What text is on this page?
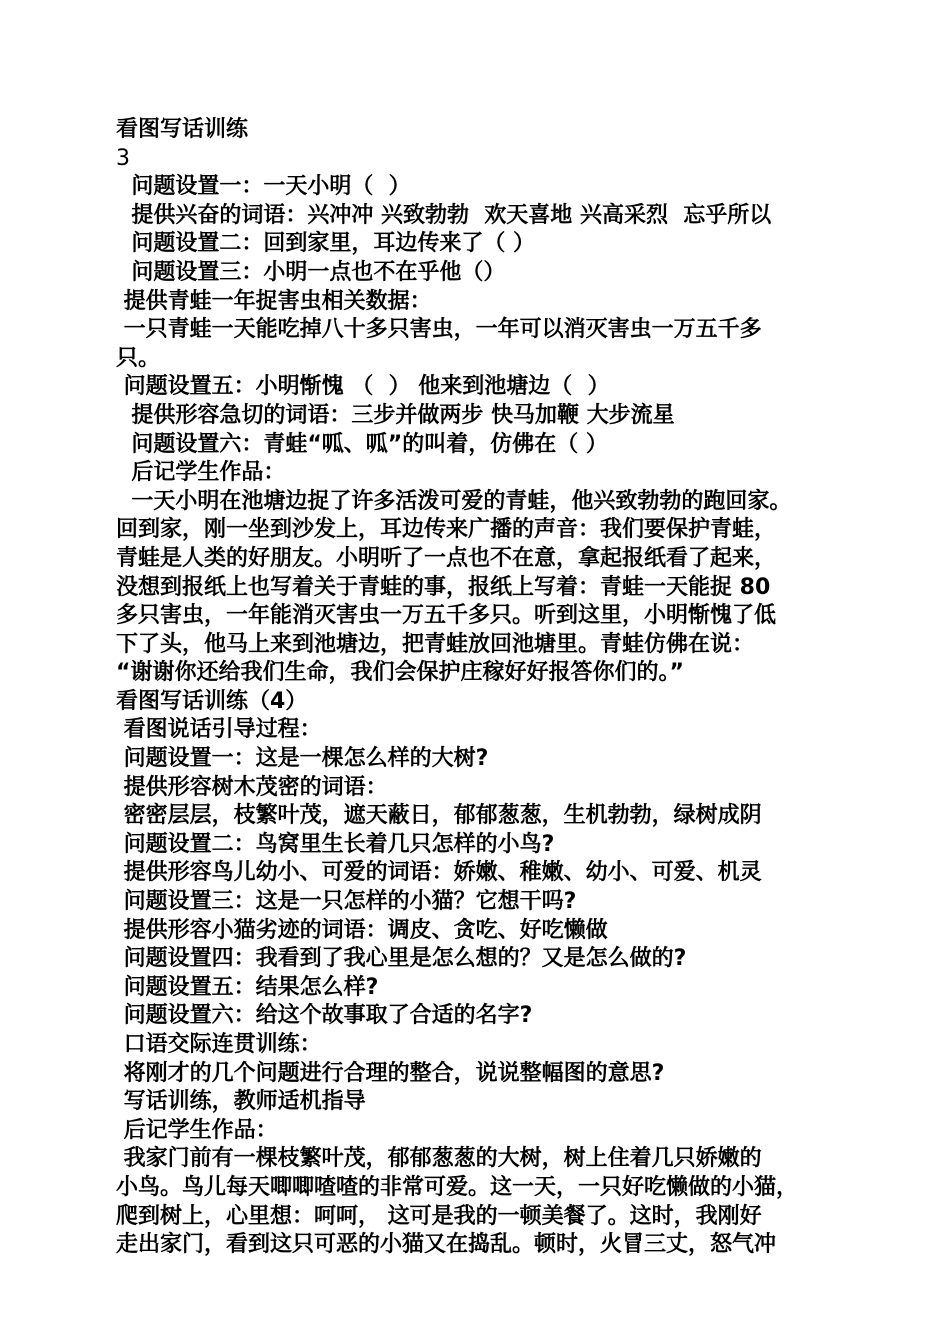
看图写话训练
3
问题设置一：一天小明（  ）
提供兴奋的词语：兴冲冲 兴致勃勃  欢天喜地 兴高采烈  忘乎所以
问题设置二：回到家里，耳边传来了（ ）
问题设置三：小明一点也不在乎他（）
提供青蛙一年捉害虫相关数据：
一只青蛙一天能吃掉八十多只害虫，一年可以消灭害虫一万五千多
只。
问题设置五：小明惭愧 （  ） 他来到池塘边（  ）
提供形容急切的词语：三步并做两步 快马加鞭 大步流星
问题设置六：青蛙“呱、呱”的叫着，仿佛在（ ）
后记学生作品：
一天小明在池塘边捉了许多活泼可爱的青蛙，他兴致勃勃的跑回家。
回到家，刚一坐到沙发上，耳边传来广播的声音：我们要保护青蛙，
青蛙是人类的好朋友。小明听了一点也不在意，拿起报纸看了起来，
没想到报纸上也写着关于青蛙的事，报纸上写着：青蛙一天能捉 80
多只害虫，一年能消灭害虫一万五千多只。听到这里，小明惭愧了低
下了头，他马上来到池塘边，把青蛙放回池塘里。青蛙仿佛在说：
“谢谢你还给我们生命，我们会保护庄稼好好报答你们的。”
看图写话训练（4）
看图说话引导过程：
问题设置一：这是一棵怎么样的大树?
提供形容树木茂密的词语：
密密层层，枝繁叶茂，遮天蔽日，郁郁葱葱，生机勃勃，绿树成阴
问题设置二：鸟窝里生长着几只怎样的小鸟?
提供形容鸟儿幼小、可爱的词语：娇嫩、稚嫩、幼小、可爱、机灵
问题设置三：这是一只怎样的小猫？它想干吗?
提供形容小猫劣迹的词语：调皮、贪吃、好吃懒做
问题设置四：我看到了我心里是怎么想的？又是怎么做的?
问题设置五：结果怎么样?
问题设置六：给这个故事取了合适的名字?
口语交际连贯训练：
将刚才的几个问题进行合理的整合，说说整幅图的意思?
写话训练，教师适机指导
后记学生作品：
我家门前有一棵枝繁叶茂，郁郁葱葱的大树，树上住着几只娇嫩的
小鸟。鸟儿每天唧唧喳喳的非常可爱。这一天，一只好吃懒做的小猫，
爬到树上，心里想：呵呵， 这可是我的一顿美餐了。这时，我刚好
走出家门，看到这只可恶的小猫又在捣乱。顿时，火冒三丈，怒气冲
